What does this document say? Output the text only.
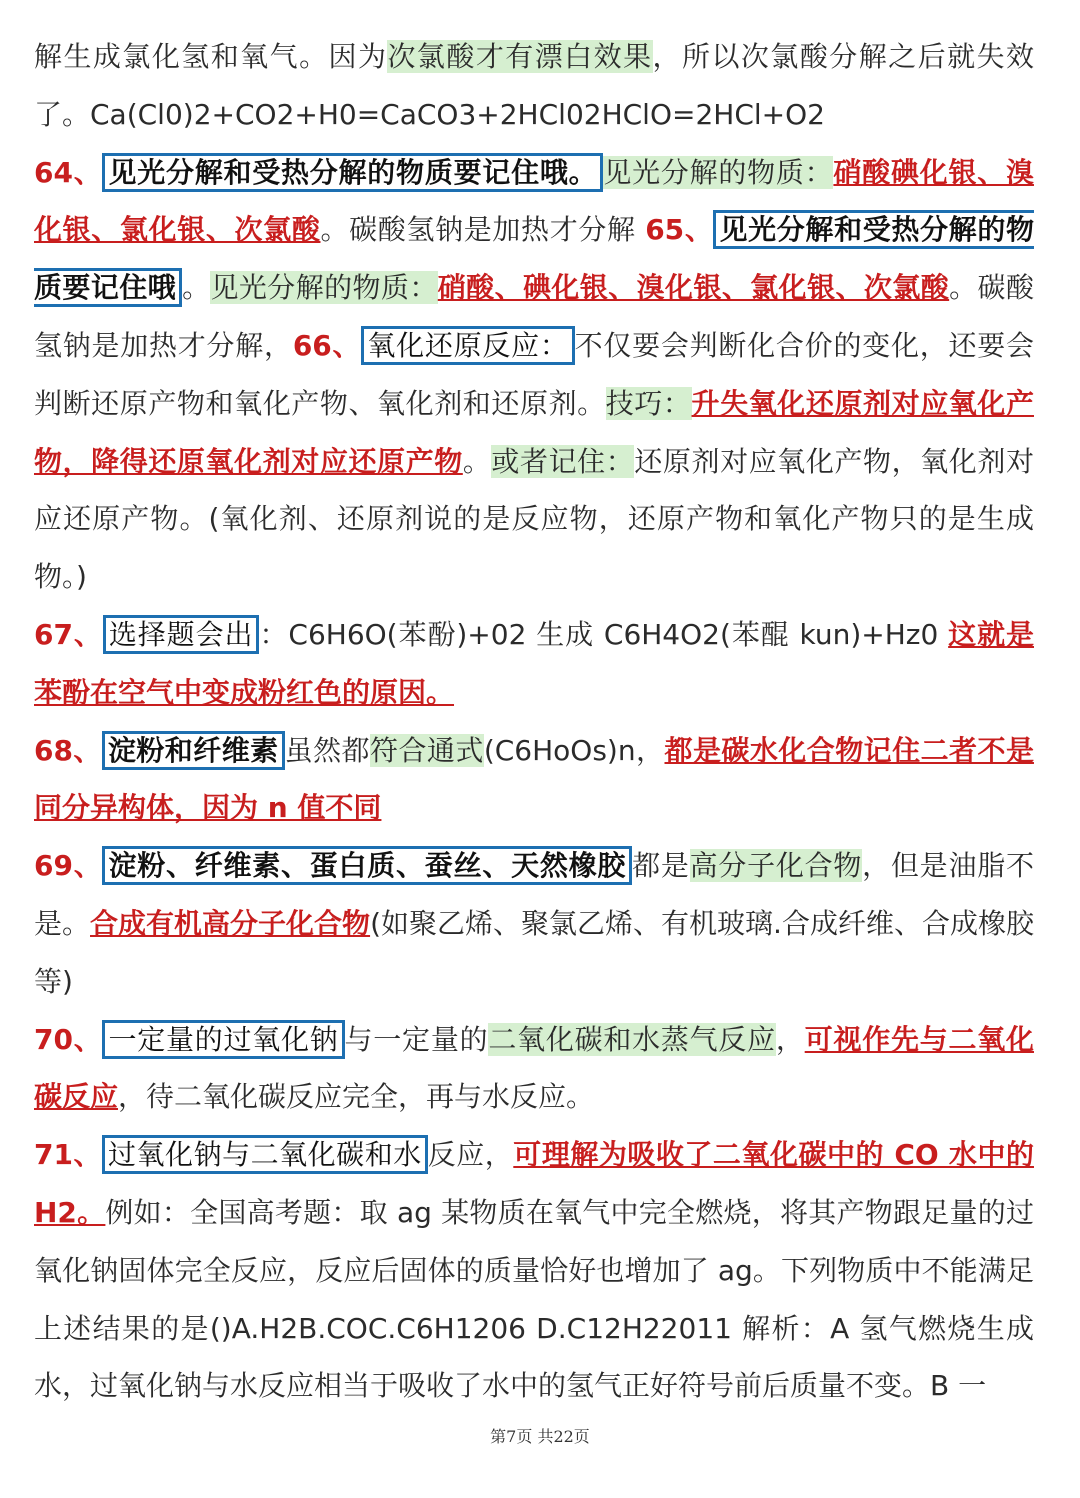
解生成氯化氢和氧气。因为次氯酸才有漂白效果，所以次氯酸分解之后就失效了。Ca(Cl0)2+CO2+H0=CaCO3+2HCl02HClO=2HCl+O2

64、 见光分解和受热分解的物质要记住哦。 见光分解的物质：硝酸碘化银、溴化银、氯化银、次氯酸。碳酸氢钠是加热才分解 65、 见光分解和受热分解的物质要记住哦 。见光分解的物质：硝酸、碘化银、溴化银、氯化银、次氯酸。碳酸氢钠是加热才分解，66、 氧化还原反应： 不仅要会判断化合价的变化，还要会判断还原产物和氧化产物、氧化剂和还原剂。技巧：升失氧化还原剂对应氧化产物，降得还原氧化剂对应还原产物。或者记住：还原剂对应氧化产物，氧化剂对应还原产物。(氧化剂、还原剂说的是反应物，还原产物和氧化产物只的是生成物。)

67、 选择题会出 ：C6H6O(苯酚)+02 生成 C6H4O2(苯醌 kun)+Hz0 这就是苯酚在空气中变成粉红色的原因。

68、 淀粉和纤维素 虽然都符合通式(C6HoOs)n，都是碳水化合物记住二者不是同分异构体，因为 n 值不同

69、 淀粉、纤维素、蛋白质、蚕丝、天然橡胶 都是高分子化合物，但是油脂不是。合成有机高分子化合物(如聚乙烯、聚氯乙烯、有机玻璃.合成纤维、合成橡胶等)

70、 一定量的过氧化钠 与一定量的二氧化碳和水蒸气反应，可视作先与二氧化碳反应，待二氧化碳反应完全，再与水反应。

71、 过氧化钠与二氧化碳和水 反应，可理解为吸收了二氧化碳中的 CO 水中的 H2。例如：全国高考题：取 ag 某物质在氧气中完全燃烧，将其产物跟足量的过氧化钠固体完全反应，反应后固体的质量恰好也增加了 ag。下列物质中不能满足上述结果的是()A.H2B.COC.C6H1206 D.C12H22011 解析：A 氢气燃烧生成水，过氧化钠与水反应相当于吸收了水中的氢气正好符号前后质量不变。B 一

第7页 共22页
